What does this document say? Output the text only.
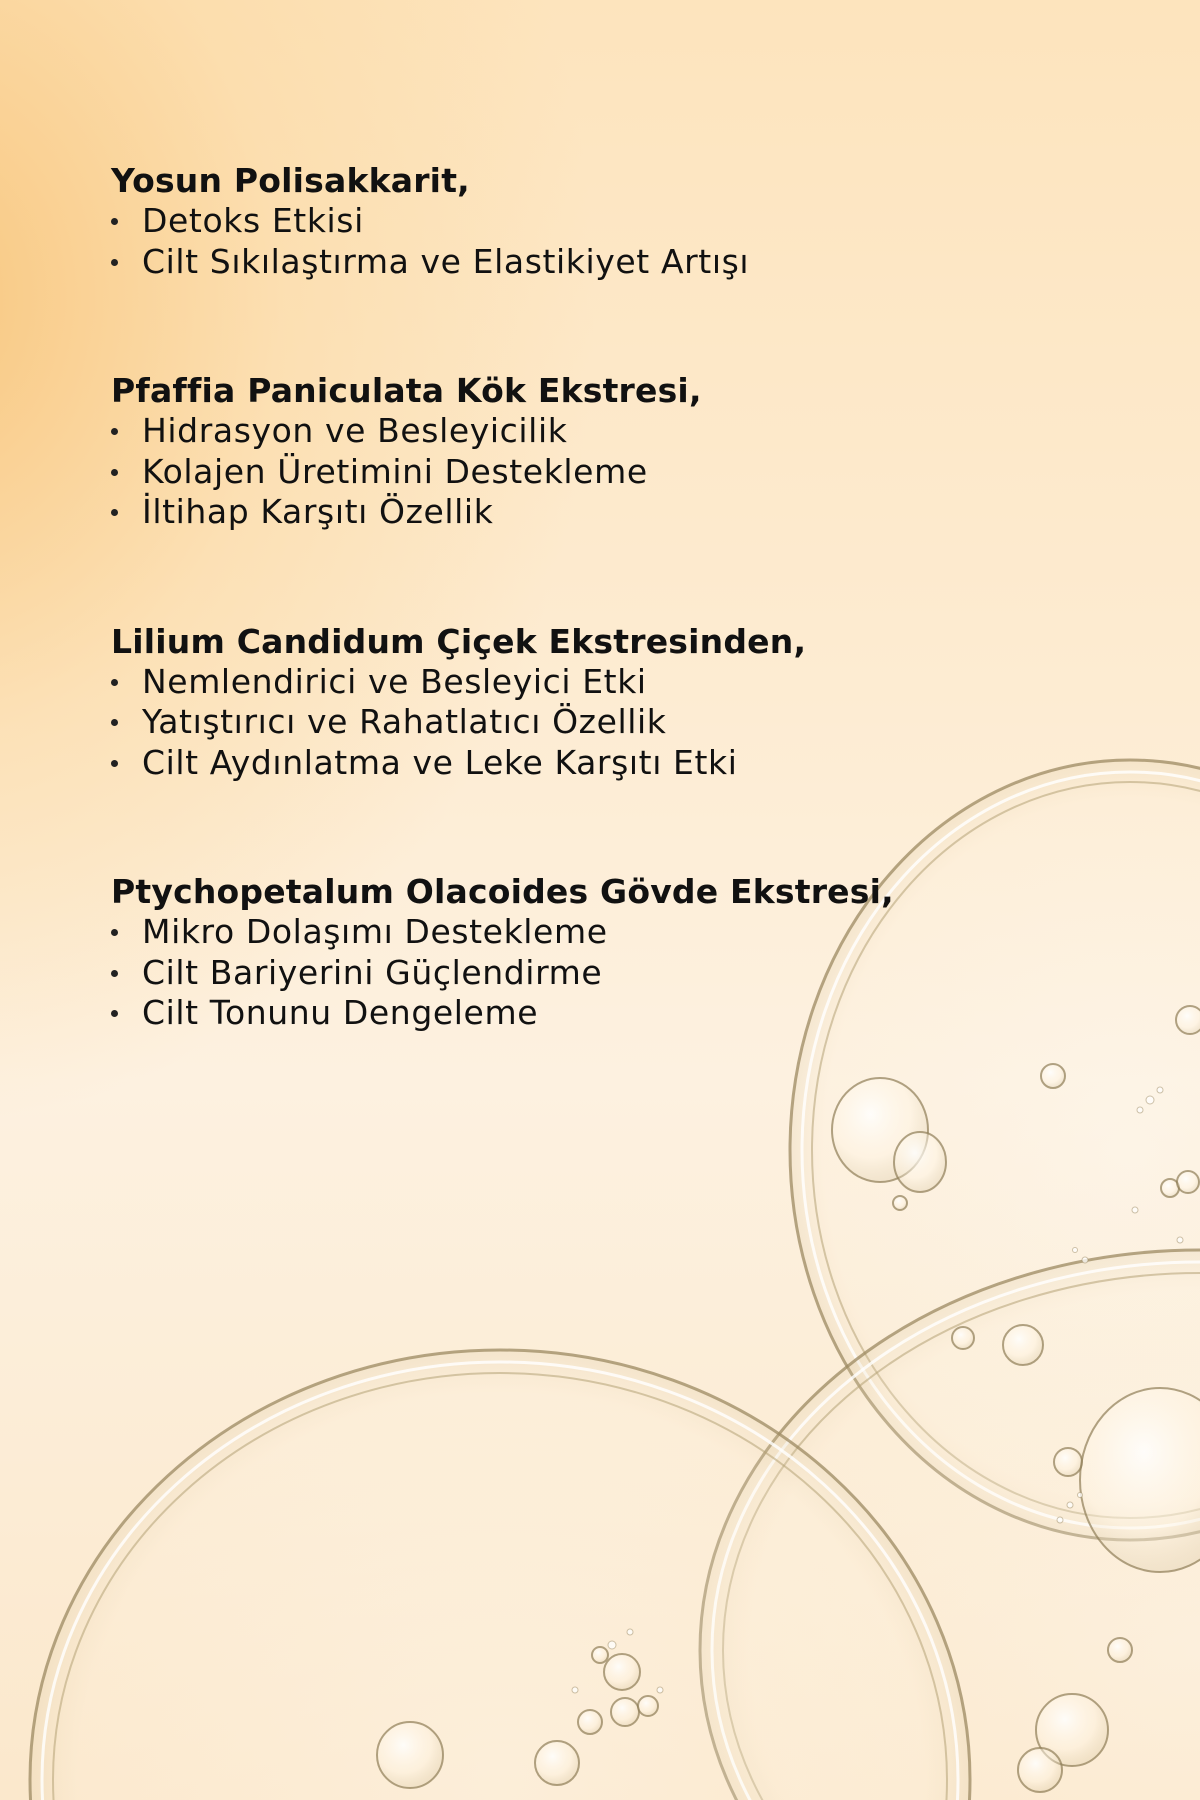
Yosun Polisakkarit,

Detoks Etkisi
Cilt Sıkılaştırma ve Elastikiyet Artışı

Pfaffia Paniculata Kök Ekstresi,

Hidrasyon ve Besleyicilik
Kolajen Üretimini Destekleme
İltihap Karşıtı Özellik

Lilium Candidum Çiçek Ekstresinden,

Nemlendirici ve Besleyici Etki
Yatıştırıcı ve Rahatlatıcı Özellik
Cilt Aydınlatma ve Leke Karşıtı Etki

Ptychopetalum Olacoides Gövde Ekstresi,

Mikro Dolaşımı Destekleme
Cilt Bariyerini Güçlendirme
Cilt Tonunu Dengeleme
